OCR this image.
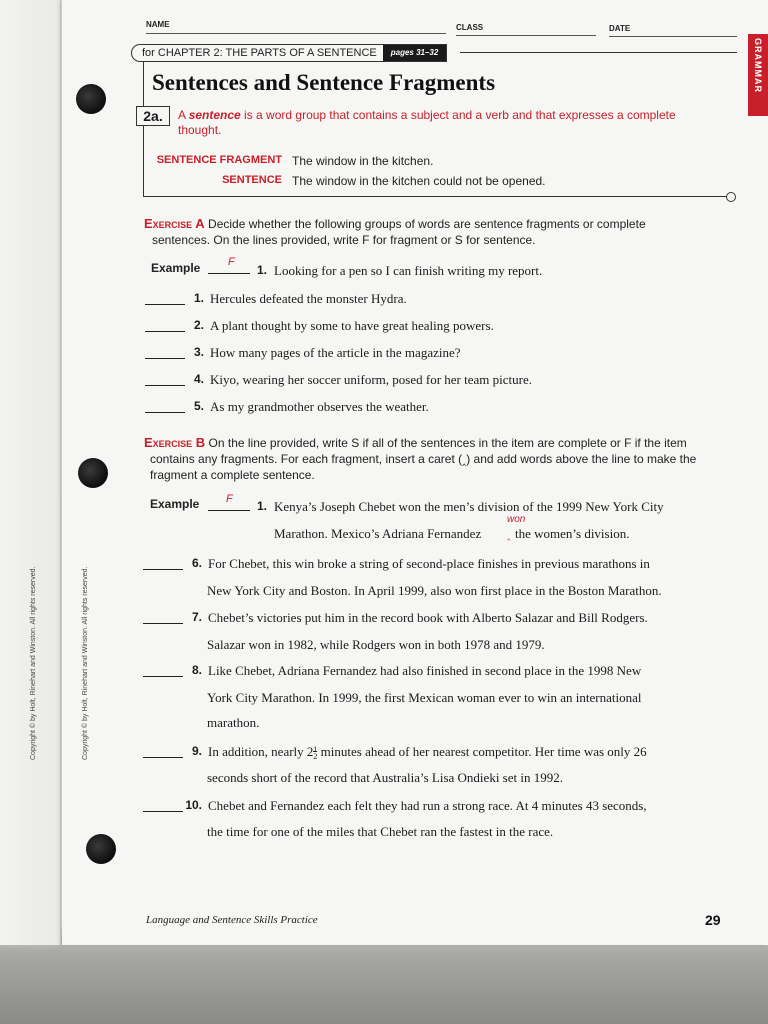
Copyright © by Holt, Rinehart and Winston. All rights reserved.	Copyright © by Holt, Rinehart and Winston. All rights reserved.
NAME	CLASS	DATE
for CHAPTER 2: THE PARTS OF A SENTENCE	pages 31–32	GRAMMAR
Sentences and Sentence Fragments
2a.	A sentence is a word group that contains a subject and a verb and that expresses a complete thought.
SENTENCE FRAGMENT The window in the kitchen.
SENTENCE The window in the kitchen could not be opened.
Exercise A Decide whether the following groups of words are sentence fragments or complete
sentences. On the lines provided, write F for fragment or S for sentence.
Example	F
1. Looking for a pen so I can finish writing my report.
1. Hercules defeated the monster Hydra.
2. A plant thought by some to have great healing powers.
3. How many pages of the article in the magazine?
4. Kiyo, wearing her soccer uniform, posed for her team picture.
5. As my grandmother observes the weather.
Exercise B On the line provided, write S if all of the sentences in the item are complete or F if the item
contains any fragments. For each fragment, insert a caret (‸) and add words above the line to make the
fragment a complete sentence.
Example F	1. Kenya’s Joseph Chebet won the men’s division of the 1999 New York City
won
Marathon. Mexico’s Adriana Fernandez	the women’s division.
‸
6. For Chebet, this win broke a string of second-place finishes in previous marathons in
New York City and Boston. In April 1999, also won first place in the Boston Marathon.
7. Chebet’s victories put him in the record book with Alberto Salazar and Bill Rodgers.
Salazar won in 1982, while Rodgers won in both 1978 and 1979.
8. Like Chebet, Adriana Fernandez had also finished in second place in the 1998 New
York City Marathon. In 1999, the first Mexican woman ever to win an international
marathon.
9. In addition, nearly 21
2 minutes ahead of her nearest competitor. Her time was only 26
seconds short of the record that Australia’s Lisa Ondieki set in 1992.
10. Chebet and Fernandez each felt they had run a strong race. At 4 minutes 43 seconds,
the time for one of the miles that Chebet ran the fastest in the race.
Language and Sentence Skills Practice	29
